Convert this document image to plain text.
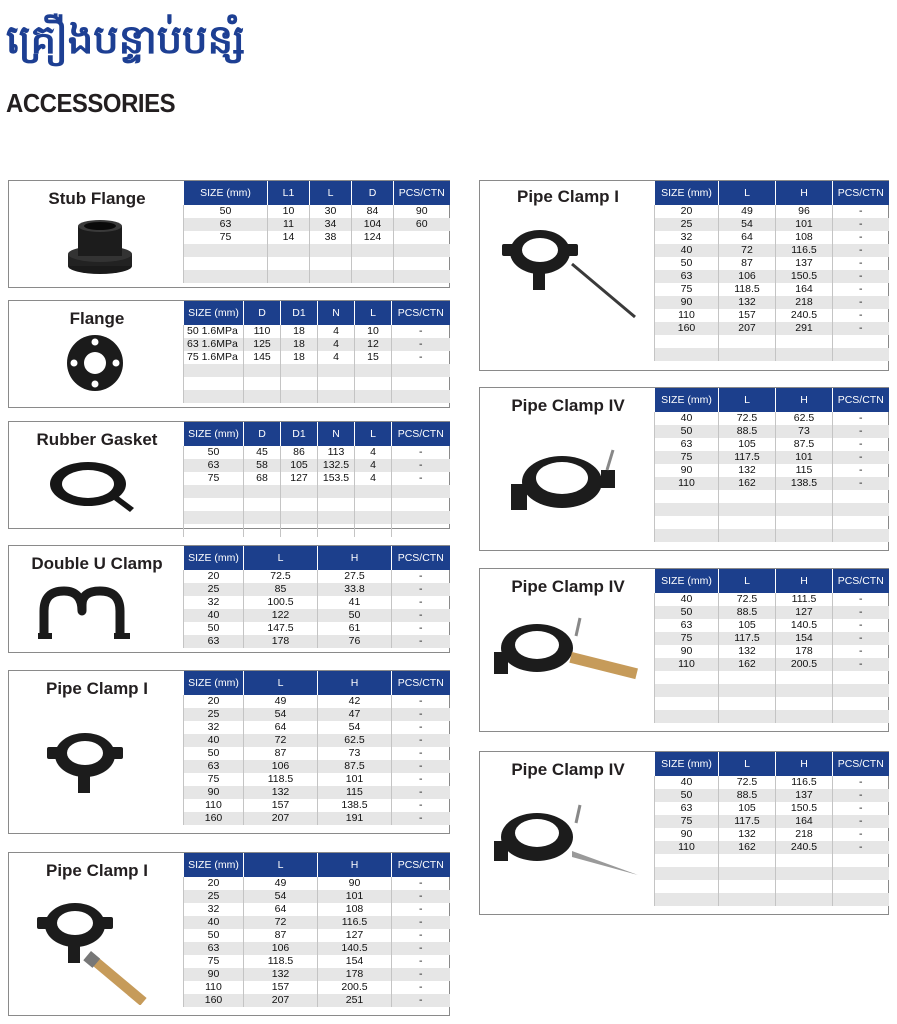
គ្រឿងបន្ទាប់បន្សំ
ACCESSORIES
Stub Flange	SIZE (mm)	L1	L	D	PCS/CTN
50	10	30	84	90
63	11	34	104	60
75	14	38	124	

Flange	SIZE (mm)	D	D1	N	L	PCS/CTN
50 1.6MPa	110	18	4	10	-
63 1.6MPa	125	18	4	12	-
75 1.6MPa	145	18	4	15	-

Rubber Gasket	SIZE (mm)	D	D1	N	L	PCS/CTN
50	45	86	113	4	-
63	58	105	132.5	4	-
75	68	127	153.5	4	-

Double U Clamp	SIZE (mm)	L	H	PCS/CTN
20	72.5	27.5	-
25	85	33.8	-
32	100.5	41	-
40	122	50	-
50	147.5	61	-
63	178	76	-
Pipe Clamp I	SIZE (mm)	L	H	PCS/CTN
20	49	42	-
25	54	47	-
32	64	54	-
40	72	62.5	-
50	87	73	-
63	106	87.5	-
75	118.5	101	-
90	132	115	-
110	157	138.5	-
160	207	191	-
Pipe Clamp I	SIZE (mm)	L	H	PCS/CTN
20	49	90	-
25	54	101	-
32	64	108	-
40	72	116.5	-
50	87	127	-
63	106	140.5	-
75	118.5	154	-
90	132	178	-
110	157	200.5	-
160	207	251	-
Pipe Clamp I	SIZE (mm)	L	H	PCS/CTN
20	49	96	-
25	54	101	-
32	64	108	-
40	72	116.5	-
50	87	137	-
63	106	150.5	-
75	118.5	164	-
90	132	218	-
110	157	240.5	-
160	207	291	-

Pipe Clamp IV	SIZE (mm)	L	H	PCS/CTN
40	72.5	62.5	-
50	88.5	73	-
63	105	87.5	-
75	117.5	101	-
90	132	115	-
110	162	138.5	-

Pipe Clamp IV	SIZE (mm)	L	H	PCS/CTN
40	72.5	111.5	-
50	88.5	127	-
63	105	140.5	-
75	117.5	154	-
90	132	178	-
110	162	200.5	-

Pipe Clamp IV	SIZE (mm)	L	H	PCS/CTN
40	72.5	116.5	-
50	88.5	137	-
63	105	150.5	-
75	117.5	164	-
90	132	218	-
110	162	240.5	-
